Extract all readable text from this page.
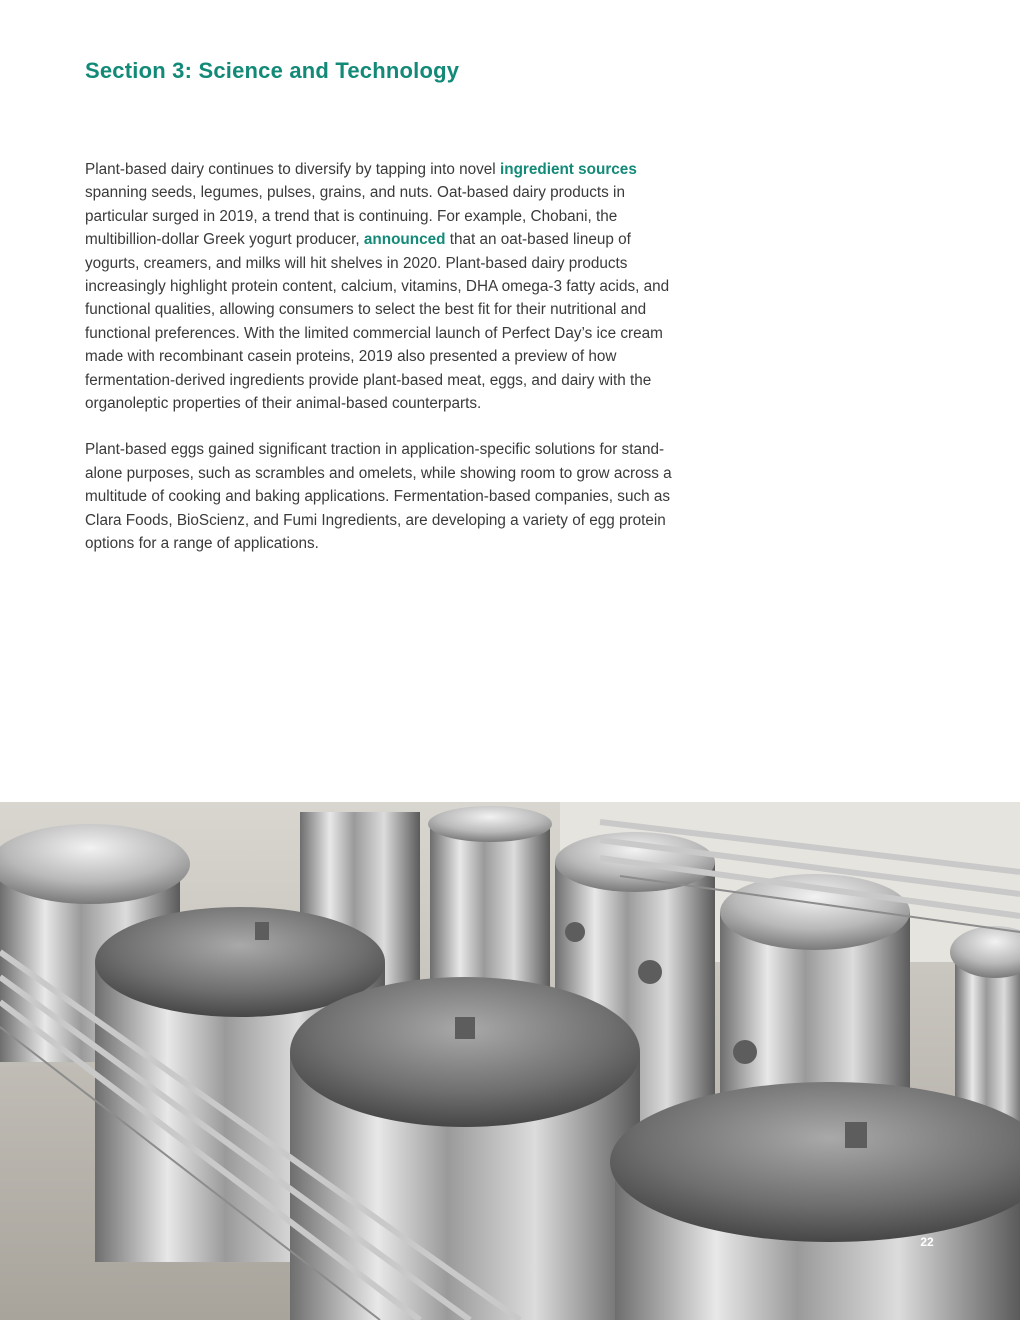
Section 3: Science and Technology

Plant-based dairy continues to diversify by tapping into novel ingredient sources spanning seeds, legumes, pulses, grains, and nuts. Oat-based dairy products in particular surged in 2019, a trend that is continuing. For example, Chobani, the multibillion-dollar Greek yogurt producer, announced that an oat-based lineup of yogurts, creamers, and milks will hit shelves in 2020. Plant-based dairy products increasingly highlight protein content, calcium, vitamins, DHA omega-3 fatty acids, and functional qualities, allowing consumers to select the best fit for their nutritional and functional preferences. With the limited commercial launch of Perfect Day’s ice cream made with recombinant casein proteins, 2019 also presented a preview of how fermentation-derived ingredients provide plant-based meat, eggs, and dairy with the organoleptic properties of their animal-based counterparts.

Plant-based eggs gained significant traction in application-specific solutions for stand-alone purposes, such as scrambles and omelets, while showing room to grow across a multitude of cooking and baking applications. Fermentation-based companies, such as Clara Foods, BioScienz, and Fumi Ingredients, are developing a variety of egg protein options for a range of applications.

22
